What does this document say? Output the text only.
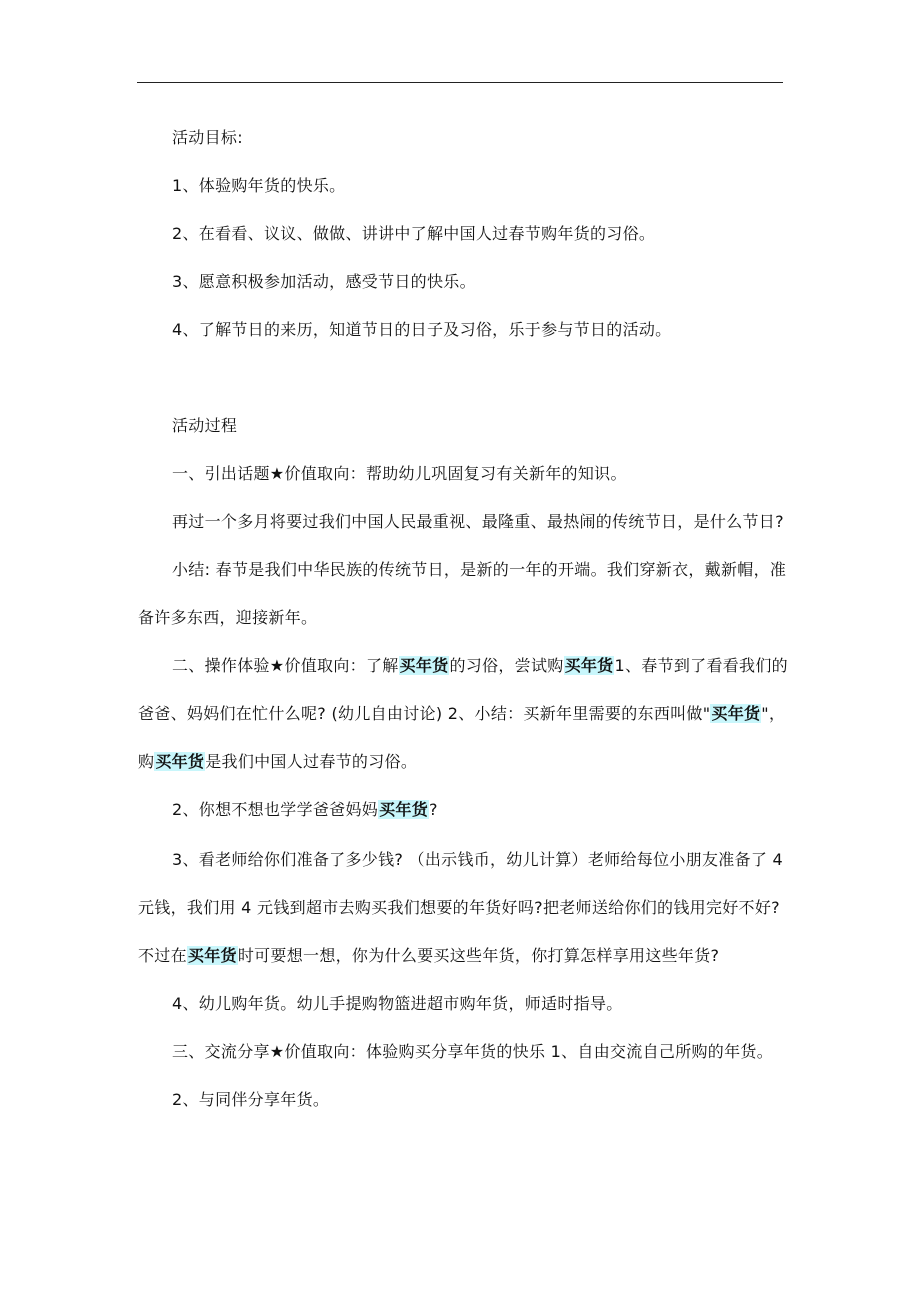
活动目标:
1、体验购年货的快乐。
2、在看看、议议、做做、讲讲中了解中国人过春节购年货的习俗。
3、愿意积极参加活动，感受节日的快乐。
4、了解节日的来历，知道节日的日子及习俗，乐于参与节日的活动。
活动过程
一、引出话题★价值取向：帮助幼儿巩固复习有关新年的知识。
再过一个多月将要过我们中国人民最重视、最隆重、最热闹的传统节日，是什么节日?
小结: 春节是我们中华民族的传统节日，是新的一年的开端。我们穿新衣，戴新帽，准
备许多东西，迎接新年。
二、操作体验★价值取向：了解买年货的习俗，尝试购买年货1、春节到了看看我们的
爸爸、妈妈们在忙什么呢? (幼儿自由讨论) 2、小结：买新年里需要的东西叫做"买年货"，
购买年货是我们中国人过春节的习俗。
2、你想不想也学学爸爸妈妈买年货?
3、看老师给你们准备了多少钱? （出示钱币，幼儿计算）老师给每位小朋友准备了 4
元钱，我们用 4 元钱到超市去购买我们想要的年货好吗?把老师送给你们的钱用完好不好?
不过在买年货时可要想一想，你为什么要买这些年货，你打算怎样享用这些年货?
4、幼儿购年货。幼儿手提购物篮进超市购年货，师适时指导。
三、交流分享★价值取向：体验购买分享年货的快乐 1、自由交流自己所购的年货。
2、与同伴分享年货。
